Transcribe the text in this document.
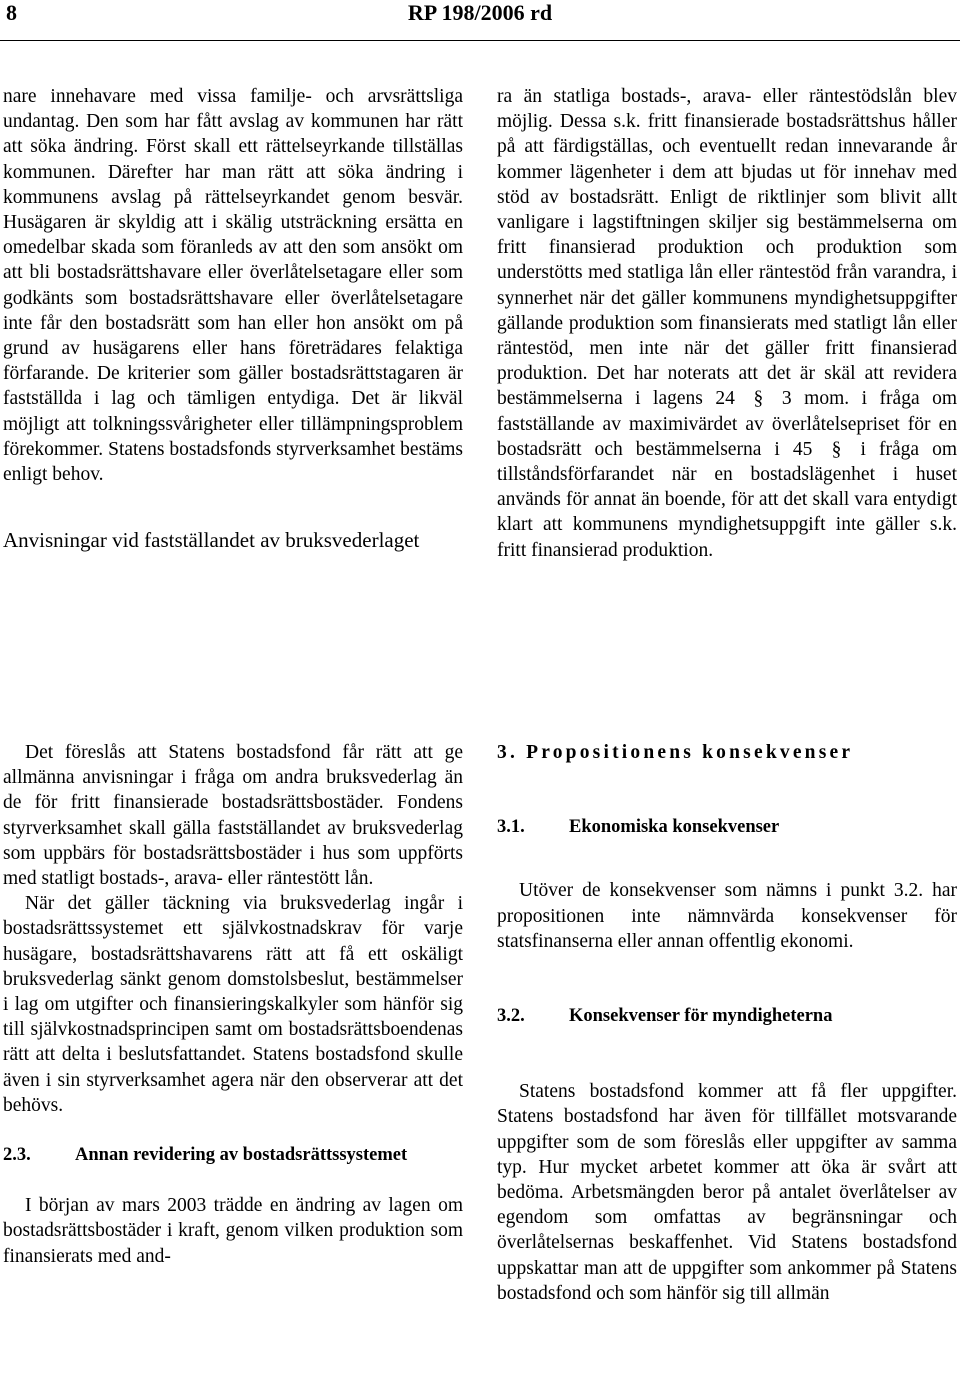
8	RP 198/2006 rd

nare innehavare med vissa familje- och arvsrättsliga undantag. Den som har fått avslag av kommunen har rätt att söka ändring. Först skall ett rättelseyrkande tillställas kommunen. Därefter har man rätt att söka ändring i kommunens avslag på rättelseyrkandet genom besvär. Husägaren är skyldig att i skälig utsträckning ersätta en omedelbar skada som föranleds av att den som ansökt om att bli bostadsrättshavare eller överlåtelsetagare eller som godkänts som bostadsrättshavare eller överlåtelsetagare inte får den bostadsrätt som han eller hon ansökt om på grund av husägarens eller hans företrädares felaktiga förfarande. De kriterier som gäller bostadsrättstagaren är fastställda i lag och tämligen entydiga. Det är likväl möjligt att tolkningssvårigheter eller tillämpningsproblem förekommer. Statens bostadsfonds styrverksamhet bestäms enligt behov.

Anvisningar vid fastställandet av bruksvederlaget

ra än statliga bostads-, arava- eller räntestödslån blev möjlig. Dessa s.k. fritt finansierade bostadsrättshus håller på att färdigställas, och eventuellt redan innevarande år kommer lägenheter i dem att bjudas ut för innehav med stöd av bostadsrätt. Enligt de riktlinjer som blivit allt vanligare i lagstiftningen skiljer sig bestämmelserna om fritt finansierad produktion och produktion som understötts med statliga lån eller räntestöd från varandra, i synnerhet när det gäller kommunens myndighetsuppgifter gällande produktion som finansierats med statligt lån eller räntestöd, men inte när det gäller fritt finansierad produktion. Det har noterats att det är skäl att revidera bestämmelserna i lagens 24 § 3 mom. i fråga om fastställande av maximivärdet av överlåtelsepriset för en bostadsrätt och bestämmelserna i 45 § i fråga om tillståndsförfarandet när en bostadslägenhet i huset används för annat än boende, för att det skall vara entydigt klart att kommunens myndighetsuppgift inte gäller s.k. fritt finansierad produktion.

Det föreslås att Statens bostadsfond får rätt att ge allmänna anvisningar i fråga om andra bruksvederlag än de för fritt finansierade bostadsrättsbostäder. Fondens styrverksamhet skall gälla fastställandet av bruksvederlag som uppbärs för bostadsrättsbostäder i hus som uppförts med statligt bostads-, arava- eller räntestött lån.

När det gäller täckning via bruksvederlag ingår i bostadsrättssystemet ett självkostnadskrav för varje husägare, bostadsrättshavarens rätt att få ett oskäligt bruksvederlag sänkt genom domstolsbeslut, bestämmelser i lag om utgifter och finansieringskalkyler som hänför sig till självkostnadsprincipen samt om bostadsrättsboendenas rätt att delta i beslutsfattandet. Statens bostadsfond skulle även i sin styrverksamhet agera när den observerar att det behövs.

2.3.	Annan revidering av bostadsrättssystemet

I början av mars 2003 trädde en ändring av lagen om bostadsrättsbostäder i kraft, genom vilken produktion som finansierats med and-

3. Propositionens konsekvenser

3.1.	Ekonomiska konsekvenser

Utöver de konsekvenser som nämns i punkt 3.2. har propositionen inte nämnvärda konsekvenser för statsfinanserna eller annan offentlig ekonomi.

3.2.	Konsekvenser för myndigheterna

Statens bostadsfond kommer att få fler uppgifter. Statens bostadsfond har även för tillfället motsvarande uppgifter som de som föreslås eller uppgifter av samma typ. Hur mycket arbetet kommer att öka är svårt att bedöma. Arbetsmängden beror på antalet överlåtelser av egendom som omfattas av begränsningar och överlåtelsernas beskaffenhet. Vid Statens bostadsfond uppskattar man att de uppgifter som ankommer på Statens bostadsfond och som hänför sig till allmän
